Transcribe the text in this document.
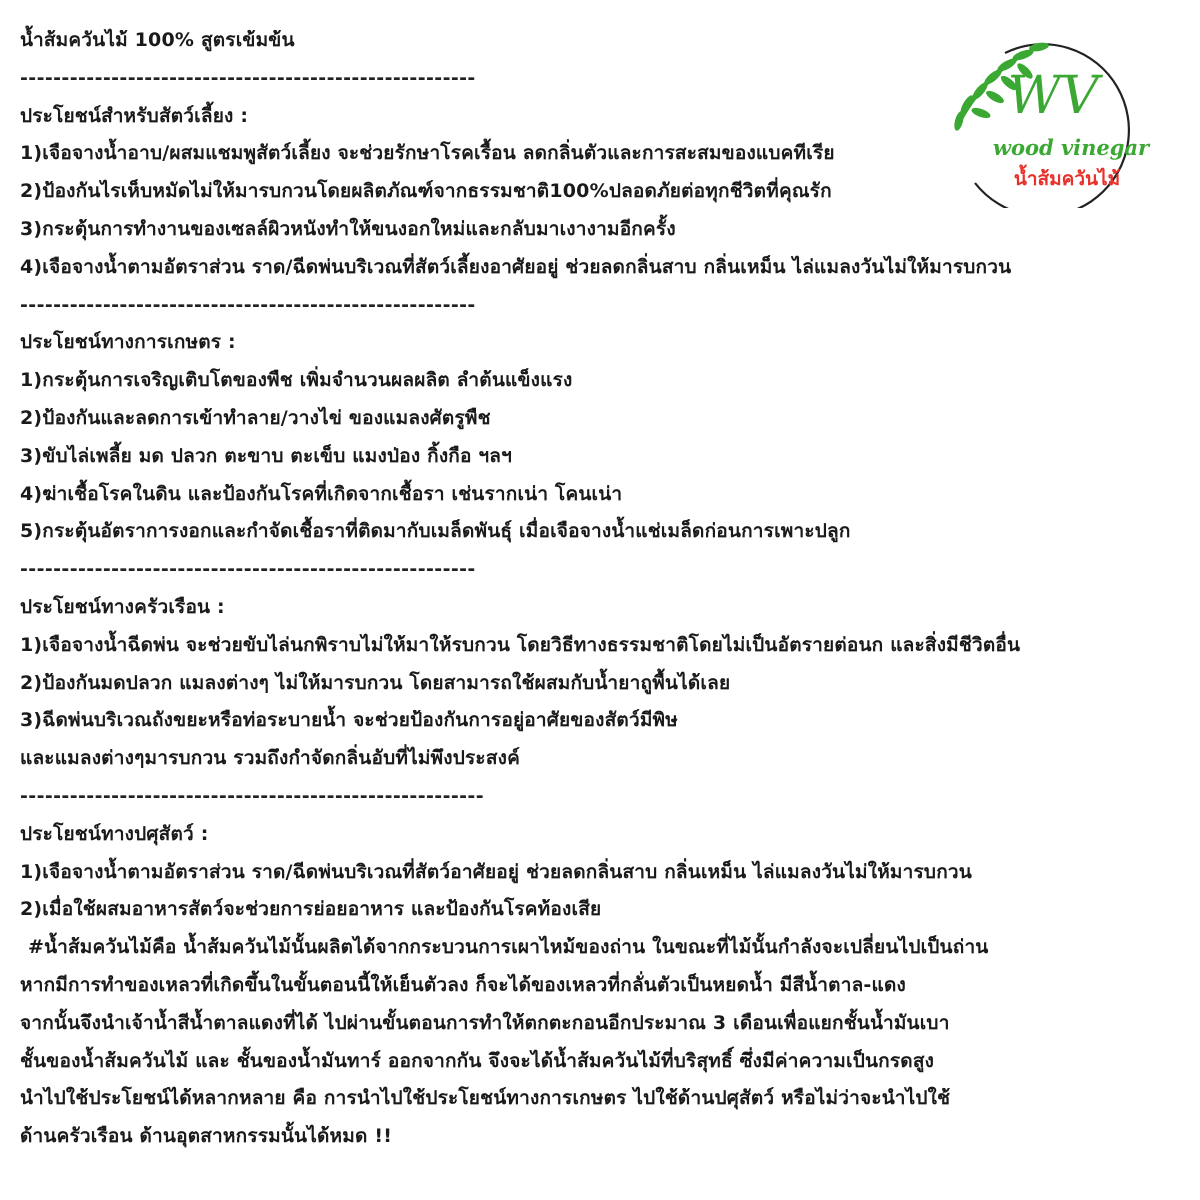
น้ำส้มควันไม้ 100% สูตรเข้มข้น
-------------------------------------------------------
ประโยชน์สำหรับสัตว์เลี้ยง :
1)เจือจางน้ำอาบ/ผสมแชมพูสัตว์เลี้ยง จะช่วยรักษาโรคเรื้อน ลดกลิ่นตัวและการสะสมของแบคทีเรีย
2)ป้องกันไรเห็บหมัดไม่ให้มารบกวนโดยผลิตภัณฑ์จากธรรมชาติ100%ปลอดภัยต่อทุกชีวิตที่คุณรัก
3)กระตุ้นการทำงานของเซลล์ผิวหนังทำให้ขนงอกใหม่และกลับมาเงางามอีกครั้ง
4)เจือจางน้ำตามอัตราส่วน ราด/ฉีดพ่นบริเวณที่สัตว์เลี้ยงอาศัยอยู่ ช่วยลดกลิ่นสาบ กลิ่นเหม็น ไล่แมลงวันไม่ให้มารบกวน
-------------------------------------------------------
ประโยชน์ทางการเกษตร :
1)กระตุ้นการเจริญเติบโตของพืช เพิ่มจำนวนผลผลิต ลำต้นแข็งแรง
2)ป้องกันและลดการเข้าทำลาย/วางไข่ ของแมลงศัตรูพืช
3)ขับไล่เพลี้ย มด ปลวก ตะขาบ ตะเข็บ แมงป่อง กิ้งกือ ฯลฯ
4)ฆ่าเชื้อโรคในดิน และป้องกันโรคที่เกิดจากเชื้อรา เช่นรากเน่า โคนเน่า
5)กระตุ้นอัตราการงอกและกำจัดเชื้อราที่ติดมากับเมล็ดพันธุ์ เมื่อเจือจางน้ำแช่เมล็ดก่อนการเพาะปลูก
-------------------------------------------------------
ประโยชน์ทางครัวเรือน :
1)เจือจางน้ำฉีดพ่น จะช่วยขับไล่นกพิราบไม่ให้มาให้รบกวน โดยวิธีทางธรรมชาติโดยไม่เป็นอัตรายต่อนก และสิ่งมีชีวิตอื่น
2)ป้องกันมดปลวก แมลงต่างๆ ไม่ให้มารบกวน โดยสามารถใช้ผสมกับน้ำยาถูพื้นได้เลย
3)ฉีดพ่นบริเวณถังขยะหรือท่อระบายน้ำ จะช่วยป้องกันการอยู่อาศัยของสัตว์มีพิษ
และแมลงต่างๆมารบกวน รวมถึงกำจัดกลิ่นอับที่ไม่พึงประสงค์
--------------------------------------------------------
ประโยชน์ทางปศุสัตว์ :
1)เจือจางน้ำตามอัตราส่วน ราด/ฉีดพ่นบริเวณที่สัตว์อาศัยอยู่ ช่วยลดกลิ่นสาบ กลิ่นเหม็น ไล่แมลงวันไม่ให้มารบกวน
2)เมื่อใช้ผสมอาหารสัตว์จะช่วยการย่อยอาหาร และป้องกันโรคท้องเสีย
#น้ำส้มควันไม้คือ น้ำส้มควันไม้นั้นผลิตได้จากกระบวนการเผาไหม้ของถ่าน ในขณะที่ไม้นั้นกำลังจะเปลี่ยนไปเป็นถ่าน
หากมีการทำของเหลวที่เกิดขึ้นในขั้นตอนนี้ให้เย็นตัวลง ก็จะได้ของเหลวที่กลั่นตัวเป็นหยดน้ำ มีสีน้ำตาล-แดง
จากนั้นจึงนำเจ้าน้ำสีน้ำตาลแดงที่ได้ ไปผ่านขั้นตอนการทำให้ตกตะกอนอีกประมาณ 3 เดือนเพื่อแยกชั้นน้ำมันเบา
ชั้นของน้ำส้มควันไม้ และ ชั้นของน้ำมันทาร์ ออกจากกัน จึงจะได้น้ำส้มควันไม้ที่บริสุทธิ์ ซึ่งมีค่าความเป็นกรดสูง
นำไปใช้ประโยชน์ได้หลากหลาย คือ การนำไปใช้ประโยชน์ทางการเกษตร ไปใช้ด้านปศุสัตว์ หรือไม่ว่าจะนำไปใช้
ด้านครัวเรือน ด้านอุตสาหกรรมนั้นได้หมด !!
WV
wood vinegar
น้ำส้มควันไม้
